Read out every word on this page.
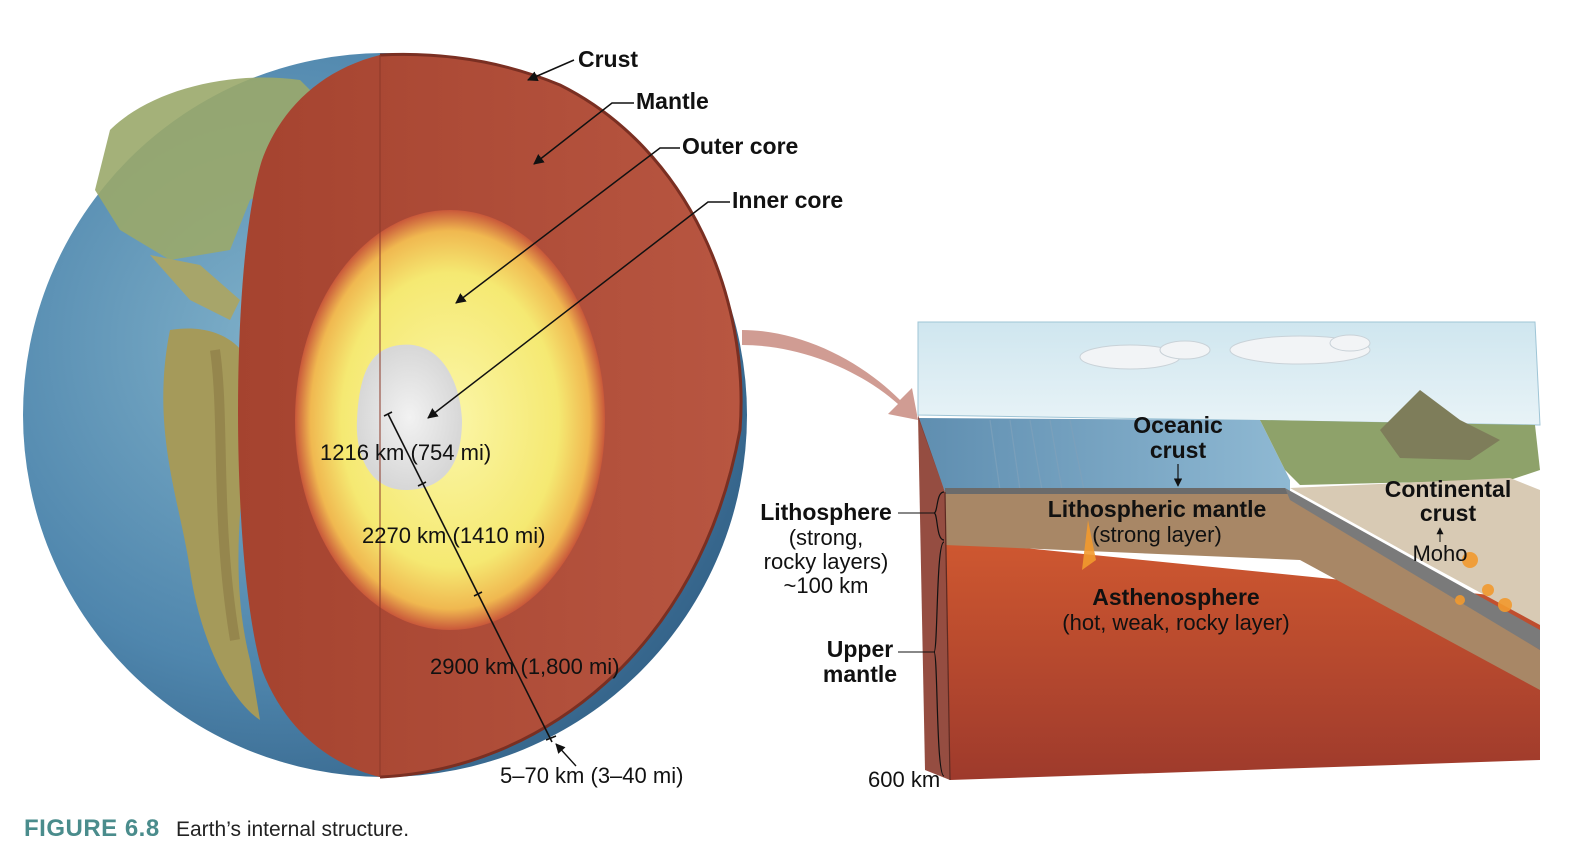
Crust
Mantle
Outer core
Inner core
1216 km (754 mi)
2270 km (1410 mi)
2900 km (1,800 mi)
5–70 km (3–40 mi)
Oceanic
crust
Continental
crust
Moho
Lithospheric mantle
(strong layer)
Asthenosphere
(hot, weak, rocky layer)
Lithosphere
(strong,
rocky layers)
~100 km
Upper
mantle
600 km
FIGURE 6.8 Earth’s internal structure.
